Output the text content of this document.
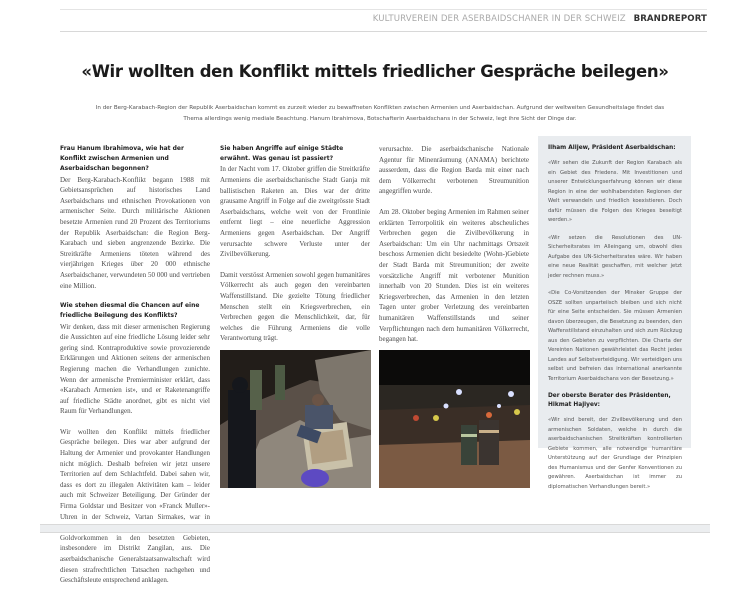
KULTURVEREIN DER ASERBAIDSCHANER IN DER SCHWEIZ BRANDREPORT
«Wir wollten den Konflikt mittels friedlicher Gespräche beilegen»
In der Berg-Karabach-Region der Republik Aserbaidschan kommt es zurzeit wieder zu bewaffneten Konflikten zwischen Armenien und Aserbaidschan. Aufgrund der weltweiten Gesundheitslage findet das Thema allerdings wenig mediale Beachtung. Hanum Ibrahimova, Botschafterin Aserbaidschans in der Schweiz, legt ihre Sicht der Dinge dar.
Frau Hanum Ibrahimova, wie hat der Konflikt zwischen Armenien und Aserbaidschan begonnen?

Der Berg-Karabach-Konflikt begann 1988 mit Gebietsansprüchen auf historisches Land Aserbaidschans und ethnischen Provokationen von armenischer Seite. Durch militärische Aktionen besetzte Armenien rund 20 Prozent des Territoriums der Republik Aserbaidschan: die Region Berg-Karabach und sieben angrenzende Bezirke. Die Streitkräfte Armeniens töteten während des vierjährigen Krieges über 20 000 ethnische Aserbaidschaner, verwundeten 50 000 und vertrieben eine Million.

Wie stehen diesmal die Chancen auf eine friedliche Beilegung des Konflikts?

Wir denken, dass mit dieser armenischen Regierung die Aussichten auf eine friedliche Lösung leider sehr gering sind. Kontraproduktive sowie provozierende Erklärungen und Aktionen seitens der armenischen Regierung machen die Verhandlungen zunichte. Wenn der armenische Premierminister erklärt, dass «Karabach Armenien ist», und er Raketenangriffe auf friedliche Städte anordnet, gibt es nicht viel Raum für Verhandlungen.

Wir wollten den Konflikt mittels friedlicher Gespräche beilegen. Dies war aber aufgrund der Haltung der Armenier und provokanter Handlungen nicht möglich. Deshalb befreien wir jetzt unsere Territorien auf dem Schlachtfeld. Dabei sahen wir, dass es dort zu illegalen Aktivitäten kam – leider auch mit Schweizer Beteiligung. Der Gründer der Firma Goldstar und Besitzer von «Franck Muller»-Uhren in der Schweiz, Vartan Sirmakes, war in Goldvorkommen in den besetzten Gebieten, insbesondere im Distrikt Zangilan, aus. Die aserbaidschanische Generalstaatsanwaltschaft wird diesen strafrechtlichen Tatsachen nachgehen und Geschäftsleute entsprechend anklagen.

Sie haben Angriffe auf einige Städte erwähnt. Was genau ist passiert?

In der Nacht vom 17. Oktober griffen die Streitkräfte Armeniens die aserbaidschanische Stadt Ganja mit ballistischen Raketen an. Dies war der dritte grausame Angriff in Folge auf die zweitgrösste Stadt Aserbaidschans, welche weit von der Frontlinie entfernt liegt – eine neuerliche Aggression Armeniens gegen Aserbaidschan. Der Angriff verursachte schwere Verluste unter der Zivilbevölkerung.

Damit verstösst Armenien sowohl gegen humanitäres Völkerrecht als auch gegen den vereinbarten Waffenstillstand. Die gezielte Tötung friedlicher Menschen stellt ein Kriegsverbrechen, ein Verbrechen gegen die Menschlichkeit, dar, für welches die Führung Armeniens die volle Verantwortung trägt.

verursachte. Die aserbaidschanische Nationale Agentur für Minenräumung (ANAMA) berichtete ausserdem, dass die Region Barda mit einer nach dem Völkerrecht verbotenen Streumunition angegriffen wurde.

Am 28. Oktober beging Armenien im Rahmen seiner erklärten Terrorpolitik ein weiteres abscheuliches Verbrechen gegen die Zivilbevölkerung in Aserbaidschan: Um ein Uhr nachmittags Ortszeit beschoss Armenien dicht besiedelte (Wohn-)Gebiete der Stadt Barda mit Streumunition; der zweite vorsätzliche Angriff mit verbotener Munition innerhalb von 20 Stunden. Dies ist ein weiteres Kriegsverbrechen, das Armenien in den letzten Tagen unter grober Verletzung des vereinbarten humanitären Waffenstillstands und seiner Verpflichtungen nach dem humanitären Völkerrecht, begangen hat.

Ilham Alijew, Präsident Aserbaidschan:

«Wir sehen die Zukunft der Region Karabach als ein Gebiet des Friedens. Mit Investitionen und unserer Entwicklungserfahrung können wir diese Region in eine der wohlhabendsten Regionen der Welt verwandeln und friedlich koexistieren. Doch dafür müssen die Folgen des Krieges beseitigt werden.»

«Wir setzen die Resolutionen des UN-Sicherheitsrates im Alleingang um, obwohl dies Aufgabe des UN-Sicherheitsrates wäre. Wir haben eine neue Realität geschaffen, mit welcher jetzt jeder rechnen muss.»

«Die Co-Vorsitzenden der Minsker Gruppe der OSZE sollten unparteiisch bleiben und sich nicht für eine Seite entscheiden. Sie müssen Armenien davon überzeugen, die Besetzung zu beenden, den Waffenstillstand einzuhalten und sich zum Rückzug aus den Gebieten zu verpflichten. Die Charta der Vereinten Nationen gewährleistet das Recht jedes Landes auf Selbstverteidigung. Wir verteidigen uns selbst und befreien das international anerkannte Territorium Aserbaidschans von der Besetzung.»

Der oberste Berater des Präsidenten, Hikmat Hajiyev:

«Wir sind bereit, der Zivilbevölkerung und den armenischen Soldaten, welche in durch die aserbaidschanischen Streitkräften kontrollierten Gebiete kommen, alle notwendige humanitäre Unterstützung auf der Grundlage der Prinzipien des Humanismus und der Genfer Konventionen zu gewähren. Aserbaidschan ist immer zu diplomatischen Verhandlungen bereit.»
